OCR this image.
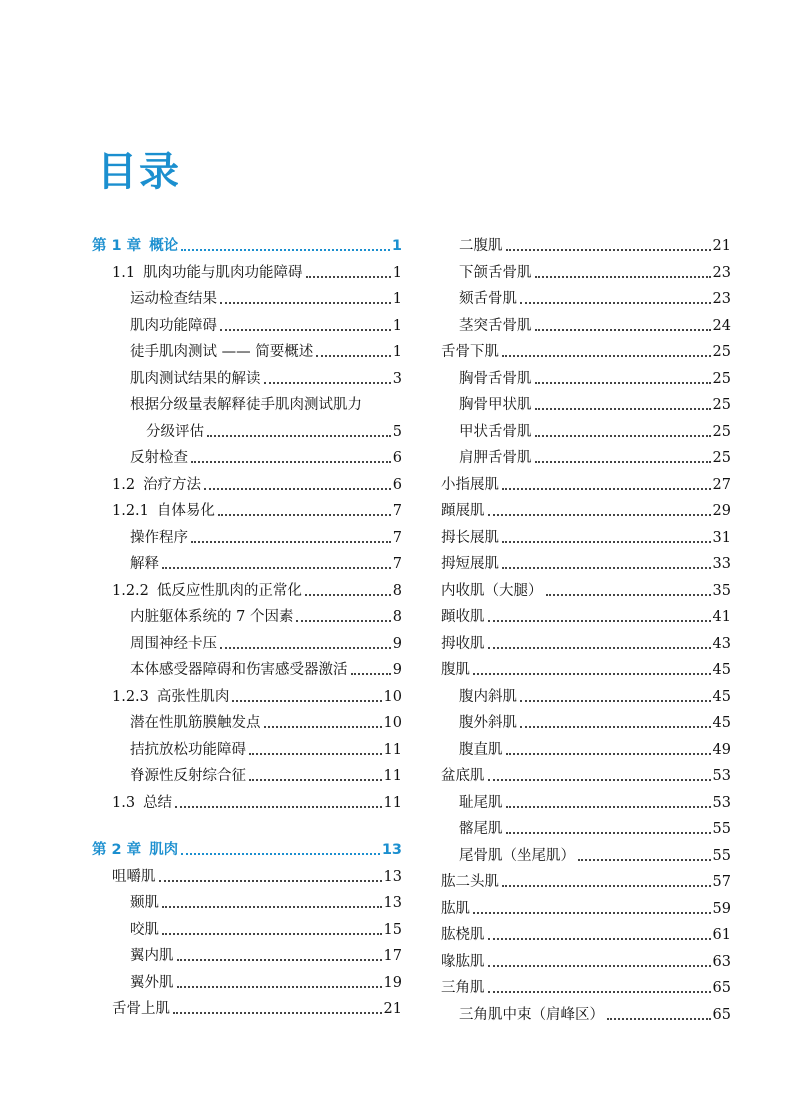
目录
第 1 章 概论	1
1.1 肌肉功能与肌肉功能障碍	1
运动检查结果	1
肌肉功能障碍	1
徒手肌肉测试 —— 简要概述	1
肌肉测试结果的解读	3
根据分级量表解释徒手肌肉测试肌力
分级评估	5
反射检查	6
1.2 治疗方法	6
1.2.1 自体易化	7
操作程序	7
解释	7
1.2.2 低反应性肌肉的正常化	8
内脏躯体系统的 7 个因素	8
周围神经卡压	9
本体感受器障碍和伤害感受器激活	9
1.2.3 高张性肌肉	10
潜在性肌筋膜触发点	10
拮抗放松功能障碍	11
脊源性反射综合征	11
1.3 总结	11
第 2 章 肌肉	13
咀嚼肌	13
颞肌	13
咬肌	15
翼内肌	17
翼外肌	19
舌骨上肌	21
二腹肌	21
下颌舌骨肌	23
颏舌骨肌	23
茎突舌骨肌	24
舌骨下肌	25
胸骨舌骨肌	25
胸骨甲状肌	25
甲状舌骨肌	25
肩胛舌骨肌	25
小指展肌	27
蹞展肌	29
拇长展肌	31
拇短展肌	33
内收肌（大腿）	35
蹞收肌	41
拇收肌	43
腹肌	45
腹内斜肌	45
腹外斜肌	45
腹直肌	49
盆底肌	53
耻尾肌	53
髂尾肌	55
尾骨肌（坐尾肌）	55
肱二头肌	57
肱肌	59
肱桡肌	61
喙肱肌	63
三角肌	65
三角肌中束（肩峰区）	65
